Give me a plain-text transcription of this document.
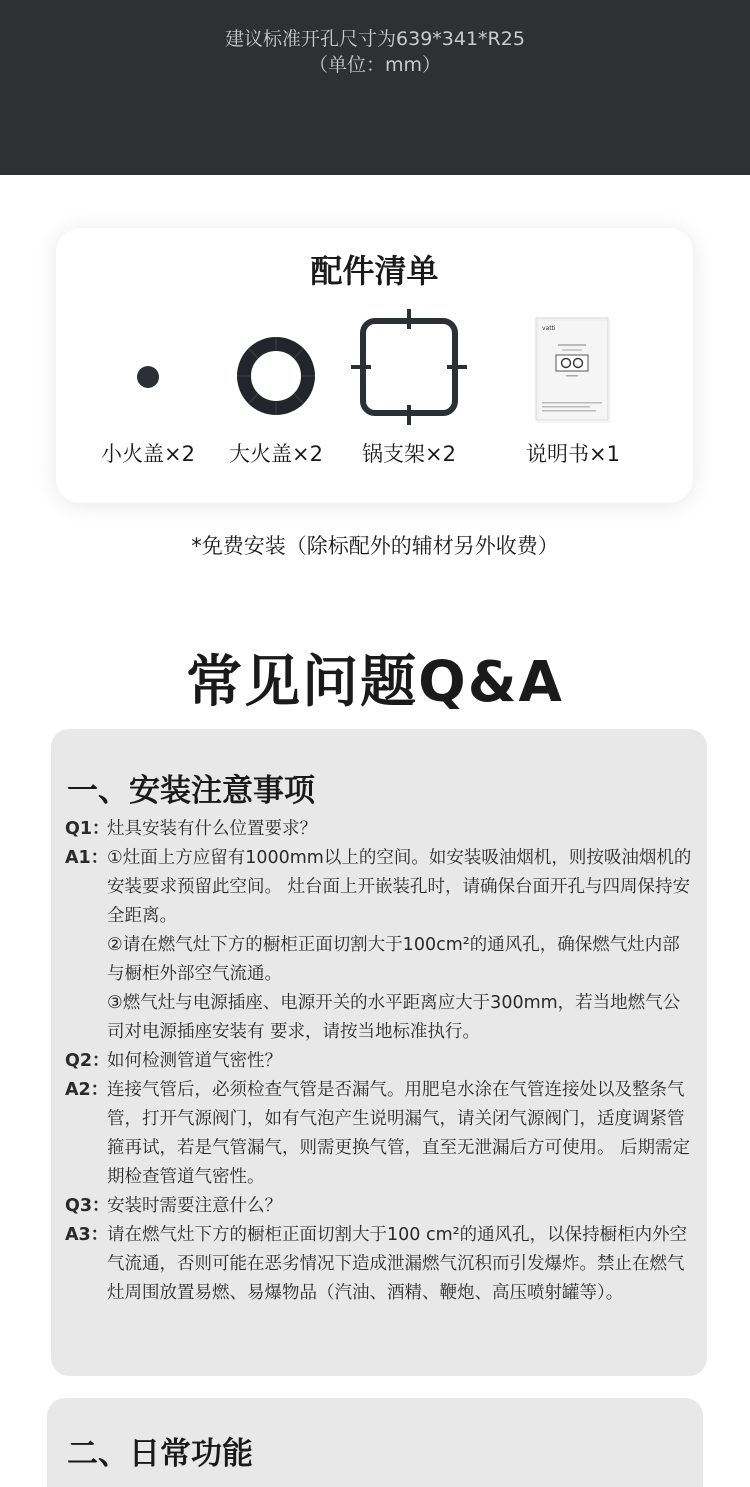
建议标准开孔尺寸为639*341*R25
（单位：mm）
配件清单
小火盖×2	大火盖×2	锅支架×2
vatti
说明书×1
*免费安装（除标配外的辅材另外收费）
常见问题Q&A
一、安装注意事项
Q1：

灶具安装有什么位置要求？

A1：

①灶面上方应留有1000mm以上的空间。如安装吸油烟机，则按吸油烟机的安装要求预留此空间。 灶台面上开嵌装孔时，请确保台面开孔与四周保持安全距离。

②请在燃气灶下方的橱柜正面切割大于100cm²的通风孔，确保燃气灶内部与橱柜外部空气流通。

③燃气灶与电源插座、电源开关的水平距离应大于300mm，若当地燃气公司对电源插座安装有 要求，请按当地标准执行。

Q2：

如何检测管道气密性？

A2：

连接气管后，必须检查气管是否漏气。用肥皂水涂在气管连接处以及整条气管，打开气源阀门，如有气泡产生说明漏气，请关闭气源阀门，适度调紧管箍再试，若是气管漏气，则需更换气管，直至无泄漏后方可使用。 后期需定期检查管道气密性。

Q3：

安装时需要注意什么？

A3：

请在燃气灶下方的橱柜正面切割大于100 cm²的通风孔，以保持橱柜内外空气流通，否则可能在恶劣情况下造成泄漏燃气沉积而引发爆炸。禁止在燃气灶周围放置易燃、易爆物品（汽油、酒精、鞭炮、高压喷射罐等）。

二、日常功能
